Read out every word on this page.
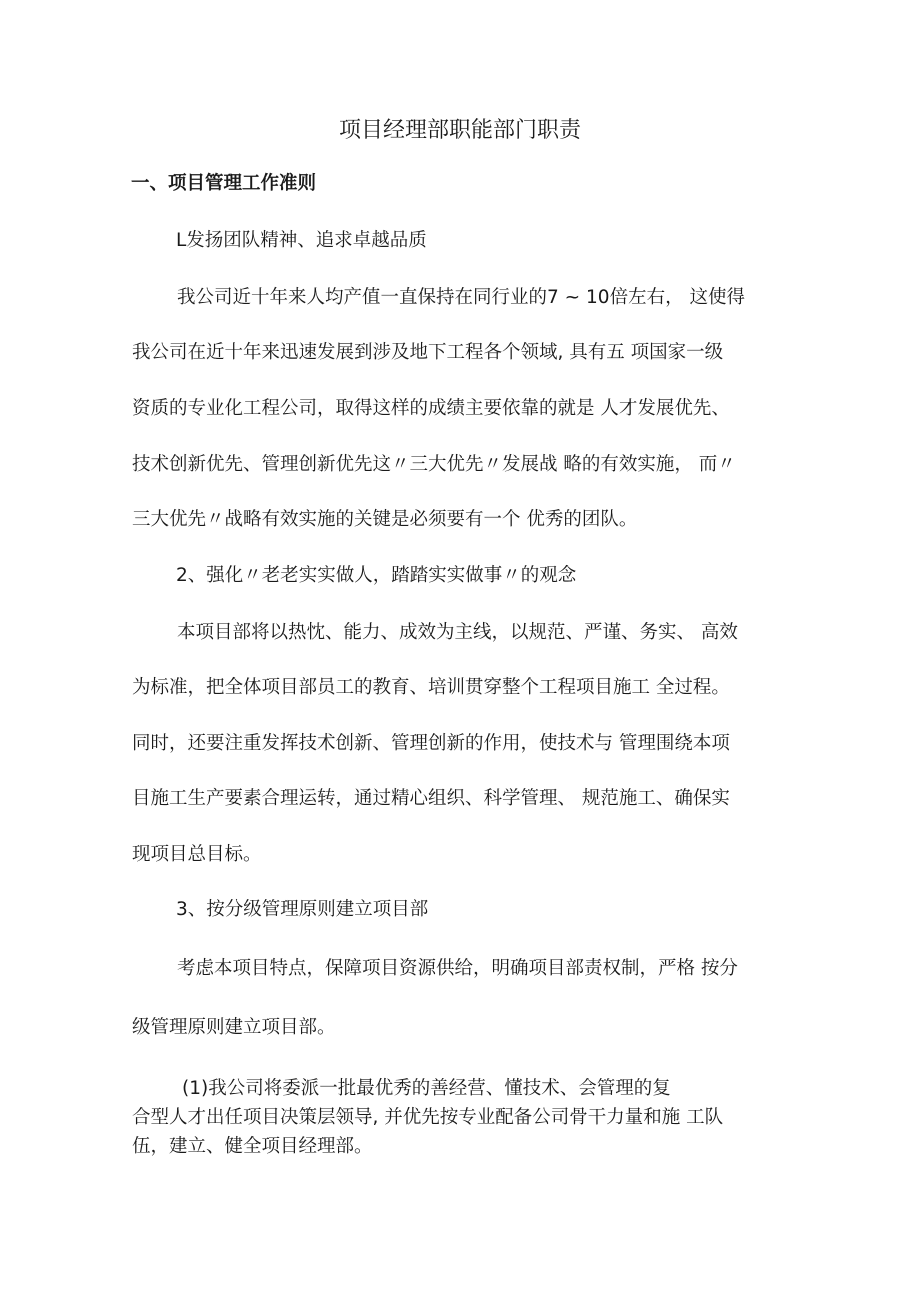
项目经理部职能部门职责
一、项目管理工作准则
L发扬团队精神、追求卓越品质
我公司近十年来人均产值一直保持在同行业的7 ~ 10倍左右， 这使得
我公司在近十年来迅速发展到涉及地下工程各个领域, 具有五 项国家一级
资质的专业化工程公司，取得这样的成绩主要依靠的就是 人才发展优先、
技术创新优先、管理创新优先这〃三大优先〃发展战 略的有效实施， 而〃
三大优先〃战略有效实施的关键是必须要有一个 优秀的团队。
2、强化〃老老实实做人，踏踏实实做事〃的观念
本项目部将以热忱、能力、成效为主线，以规范、严谨、务实、 高效
为标准，把全体项目部员工的教育、培训贯穿整个工程项目施工 全过程。
同时，还要注重发挥技术创新、管理创新的作用，使技术与 管理围绕本项
目施工生产要素合理运转，通过精心组织、科学管理、 规范施工、确保实
现项目总目标。
3、按分级管理原则建立项目部
考虑本项目特点，保障项目资源供给，明确项目部责权制，严格 按分
级管理原则建立项目部。
(1)我公司将委派一批最优秀的善经营、懂技术、会管理的复
合型人才出任项目决策层领导, 并优先按专业配备公司骨干力量和施 工队
伍，建立、健全项目经理部。
